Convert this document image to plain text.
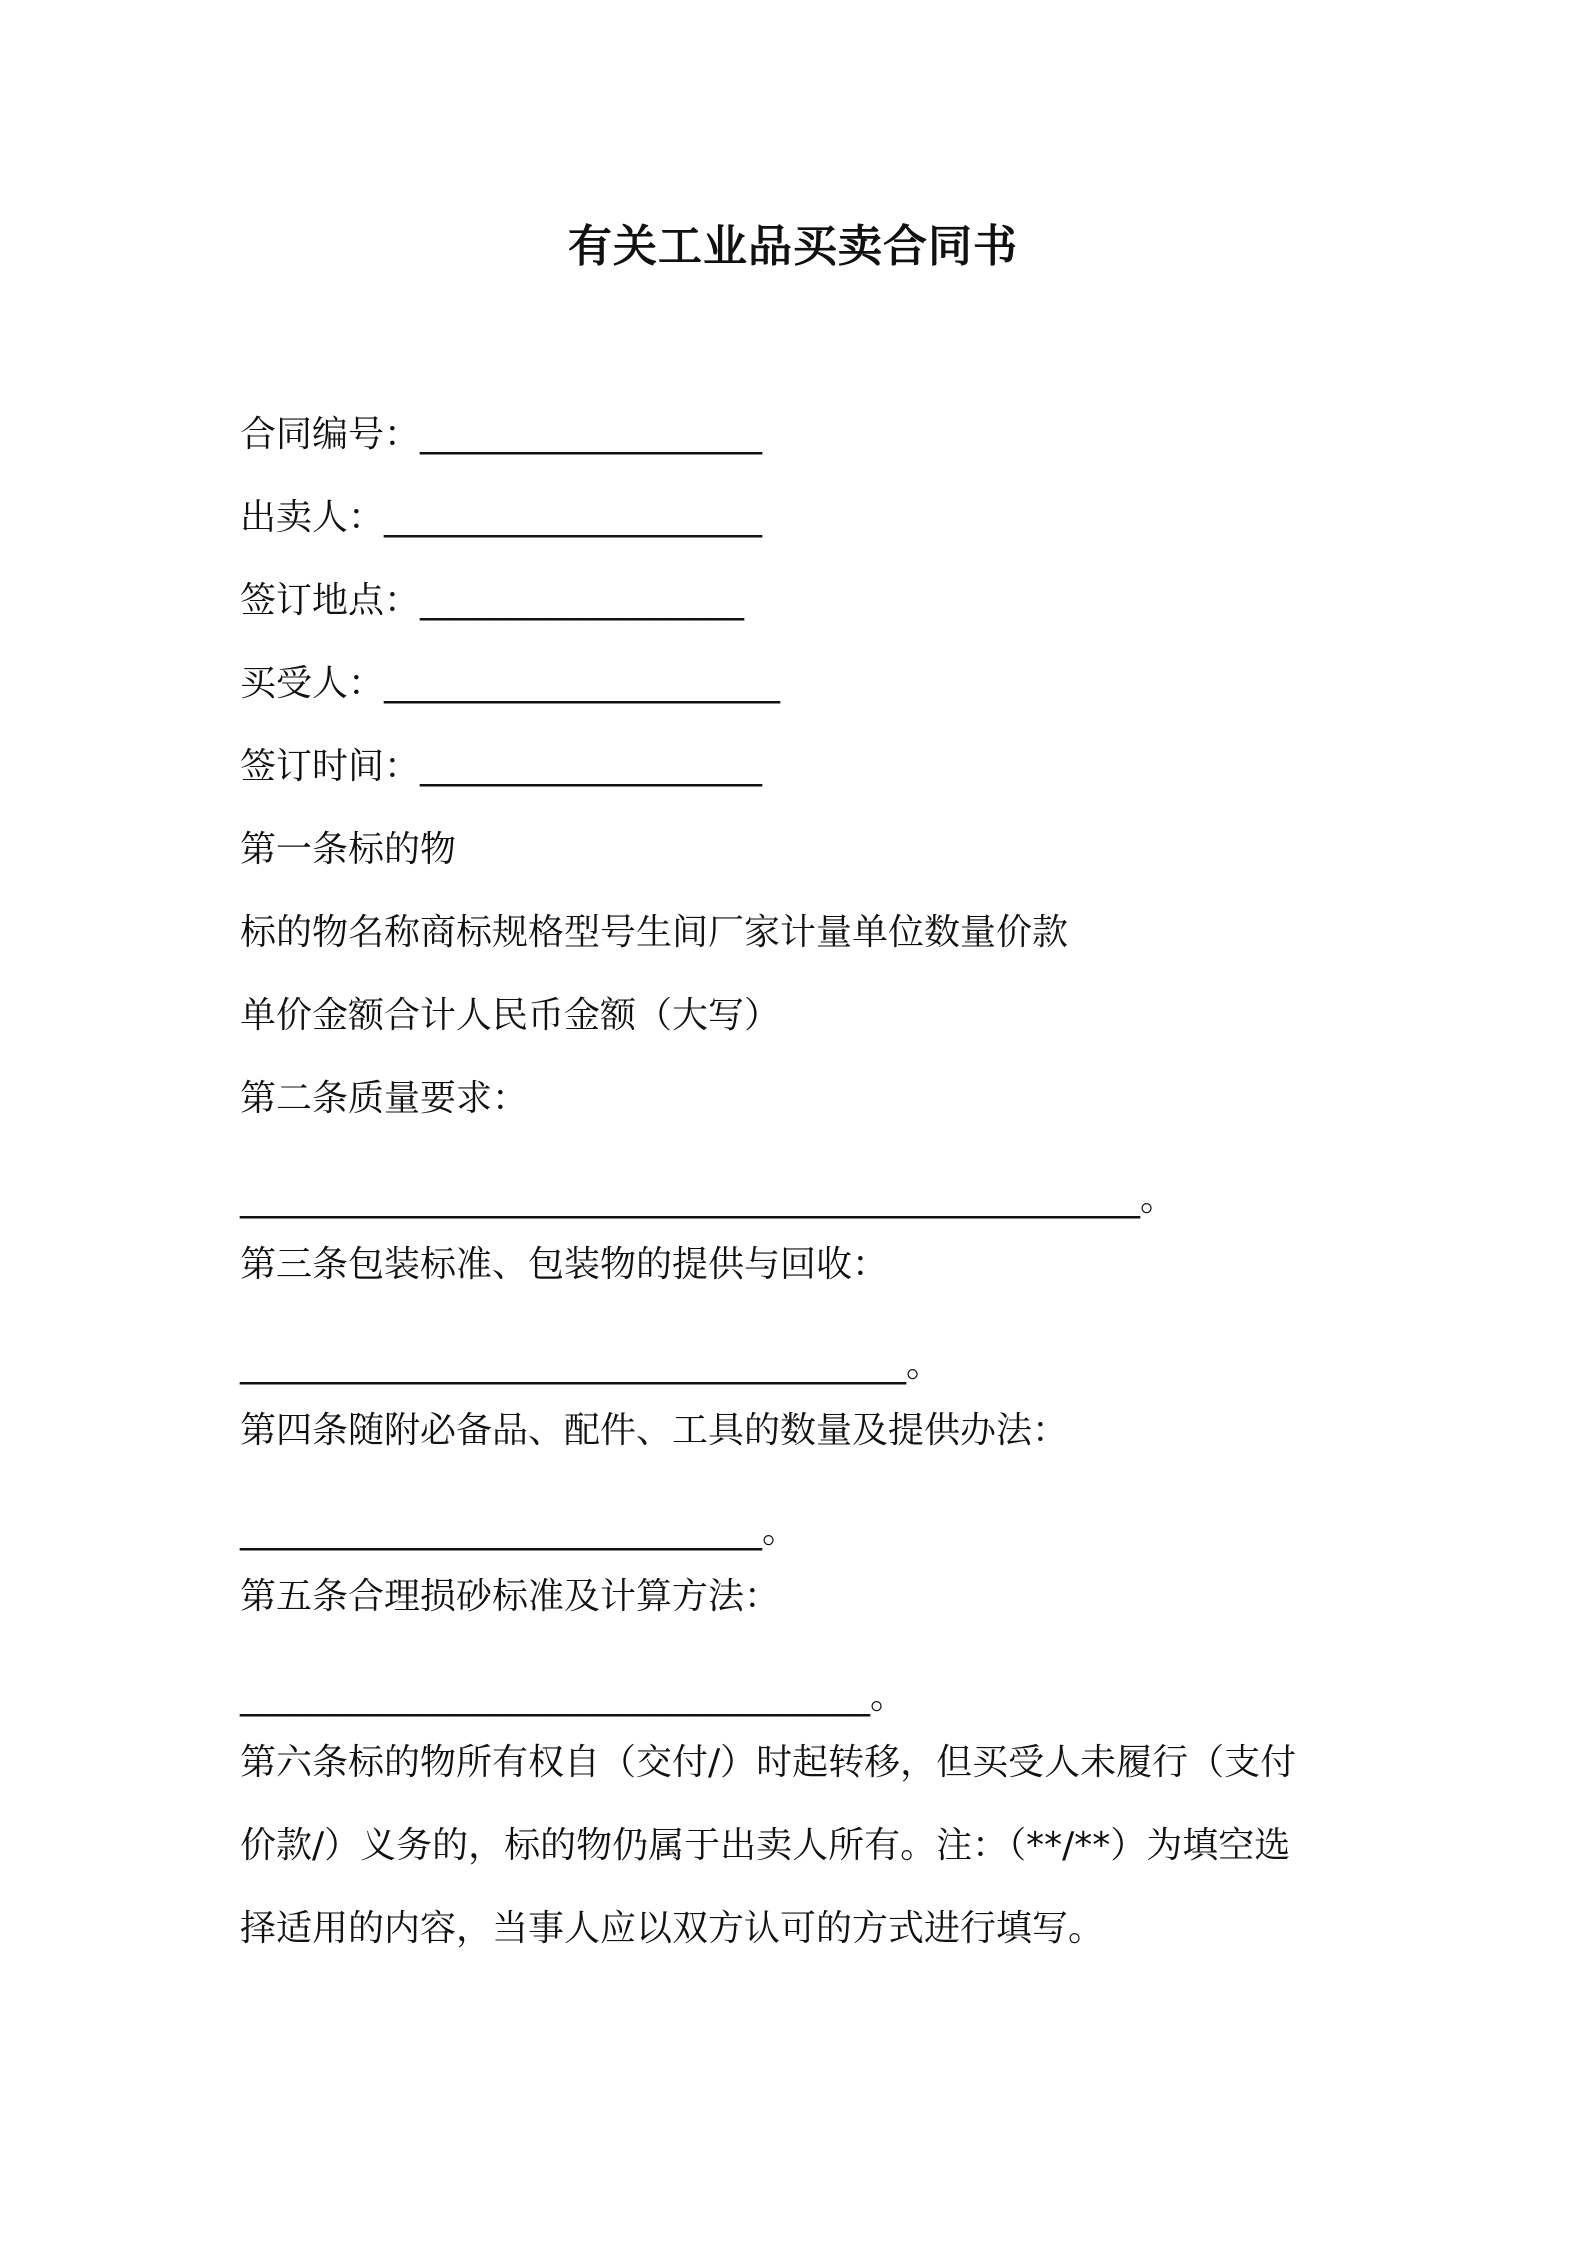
有关工业品买卖合同书
合同编号：___________________
出卖人：_____________________
签订地点：__________________
买受人：______________________
签订时间：___________________
第一条标的物
标的物名称商标规格型号生间厂家计量单位数量价款
单价金额合计人民币金额（大写）
第二条质量要求：
__________________________________________________。
第三条包装标准、包装物的提供与回收：
_____________________________________。
第四条随附必备品、配件、工具的数量及提供办法：
_____________________________。
第五条合理损砂标准及计算方法：
___________________________________。
第六条标的物所有权自（交付/）时起转移，但买受人未履行（支付
价款/）义务的，标的物仍属于出卖人所有。注：（**/**）为填空选
择适用的内容，当事人应以双方认可的方式进行填写。
